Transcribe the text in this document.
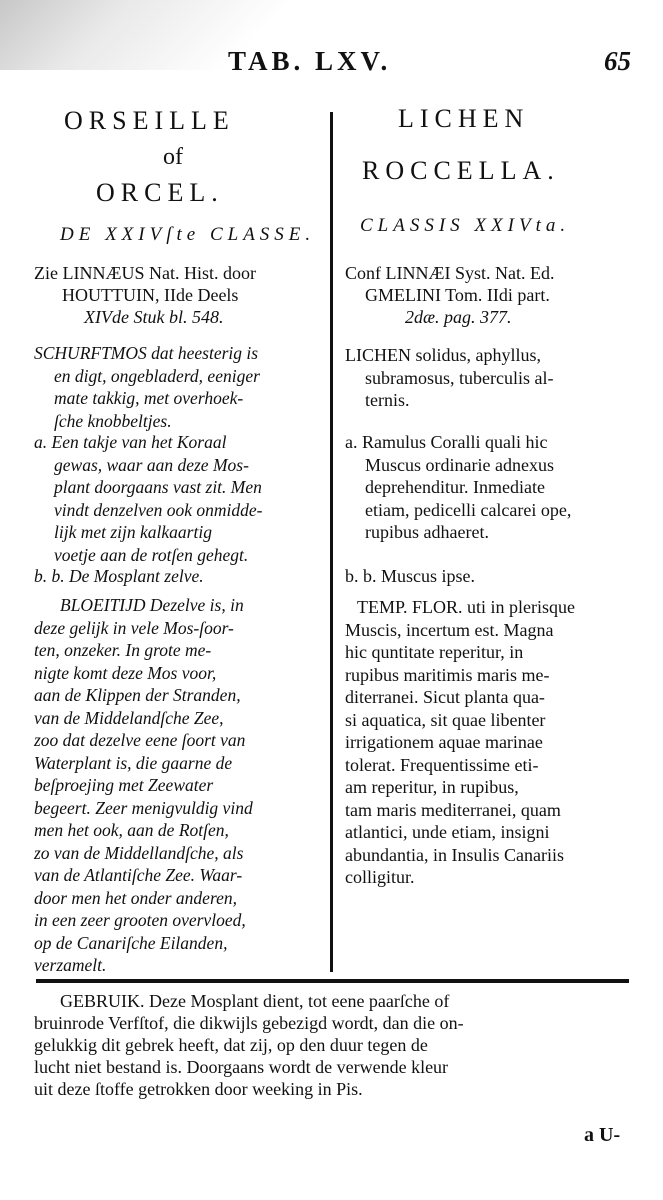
TAB. LXV.	65
ORSEILLE
of
ORCEL.
DE XXIVſte CLASSE.
LICHEN
ROCCELLA.
CLASSIS XXIVta.
Zie LINNÆUS Nat. Hist. door
HOUTTUIN, IIde Deels
XIVde Stuk bl. 548.
Conf LINNÆI Syst. Nat. Ed.
GMELINI Tom. IIdi part.
2dæ. pag. 377.
SCHURFTMOS dat heesterig is
en digt, ongebladerd, eeniger
mate takkig, met overhoek-
ſche knobbeltjes.
LICHEN solidus, aphyllus,
subramosus, tuberculis al-
ternis.
a. Een takje van het Koraal
gewas, waar aan deze Mos-
plant doorgaans vast zit. Men
vindt denzelven ook onmidde-
lijk met zijn kalkaartig
voetje aan de rotſen gehegt.
a. Ramulus Coralli quali hic
Muscus ordinarie adnexus
deprehenditur. Inmediate
etiam, pedicelli calcarei ope,
rupibus adhaeret.
b. b. De Mosplant zelve.	b. b. Muscus ipse.
BLOEITIJD Dezelve is, in
deze gelijk in vele Mos-ſoor-
ten, onzeker. In grote me-
nigte komt deze Mos voor,
aan de Klippen der Stranden,
van de Middelandſche Zee,
zoo dat dezelve eene ſoort van
Waterplant is, die gaarne de
beſproejing met Zeewater
begeert. Zeer menigvuldig vind
men het ook, aan de Rotſen,
zo van de Middellandſche, als
van de Atlantiſche Zee. Waar-
door men het onder anderen,
in een zeer grooten overvloed,
op de Canariſche Eilanden,
verzamelt.
TEMP. FLOR. uti in plerisque
Muscis, incertum est. Magna
hic quntitate reperitur, in
rupibus maritimis maris me-
diterranei. Sicut planta qua-
si aquatica, sit quae libenter
irrigationem aquae marinae
tolerat. Frequentissime eti-
am reperitur, in rupibus,
tam maris mediterranei, quam
atlantici, unde etiam, insigni
abundantia, in Insulis Canariis
colligitur.
GEBRUIK. Deze Mosplant dient, tot eene paarſche of
bruinrode Verfſtof, die dikwijls gebezigd wordt, dan die on-
gelukkig dit gebrek heeft, dat zij, op den duur tegen de
lucht niet bestand is. Doorgaans wordt de verwende kleur
uit deze ſtoffe getrokken door weeking in Pis.
a U-
